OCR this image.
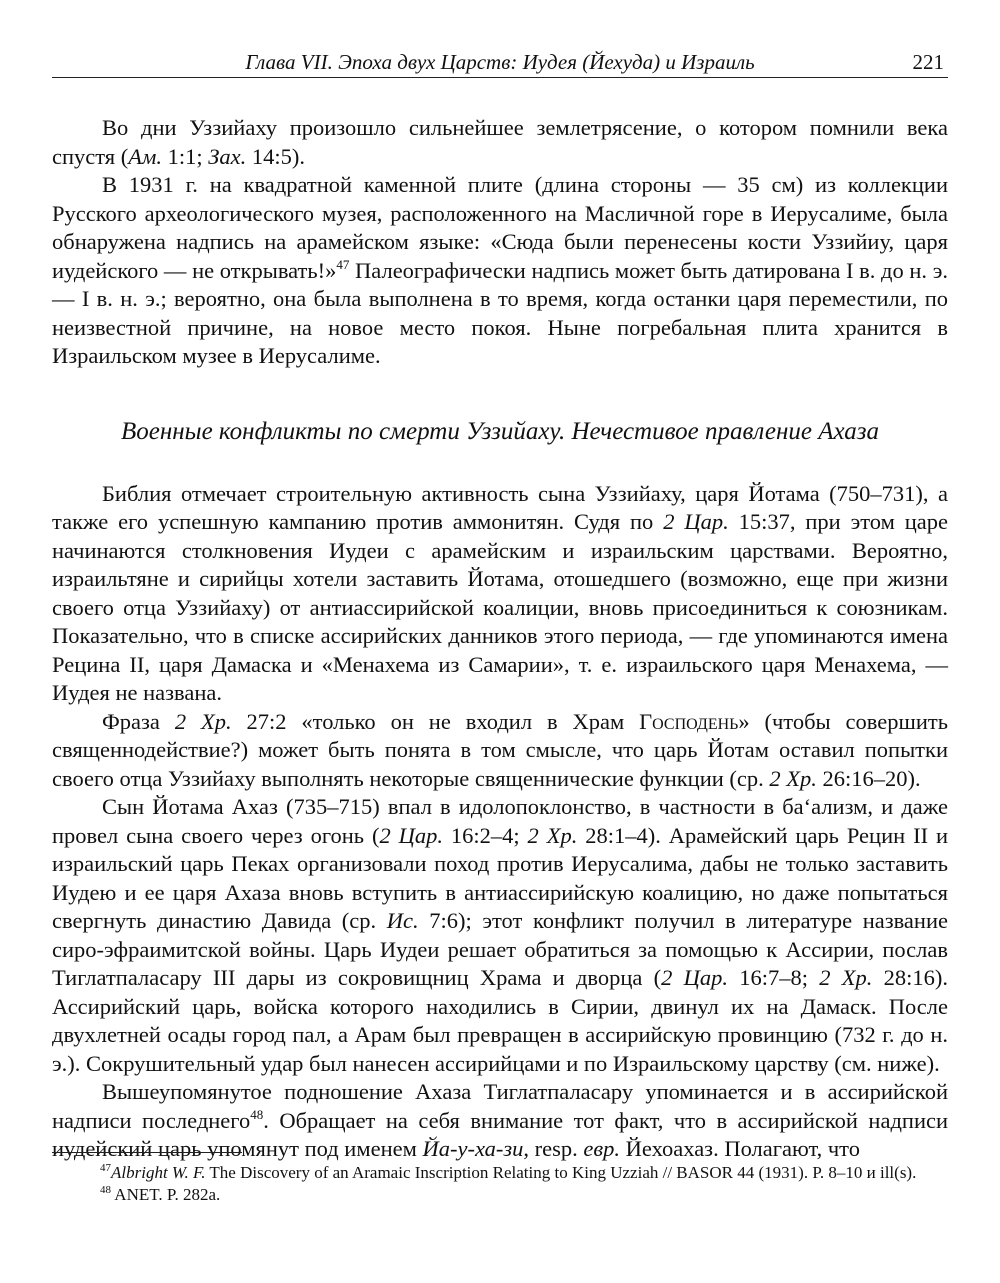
Глава VII. Эпоха двух Царств: Иудея (Йехуда) и Израиль	221

Во дни Уззийаху произошло сильнейшее землетрясение, о котором помнили века спустя (Ам. 1:1; Зах. 14:5).

В 1931 г. на квадратной каменной плите (длина стороны — 35 см) из коллекции Русского археологического музея, расположенного на Масличной горе в Иерусалиме, была обнаружена надпись на арамейском языке: «Сюда были перенесены кости Уззийиу, царя иудейского — не открывать!»$^{47}$ Палеографически надпись может быть датирована I в. до н. э. — I в. н. э.; вероятно, она была выполнена в то время, когда останки царя переместили, по неизвестной причине, на новое место покоя. Ныне погребальная плита хранится в Израильском музее в Иерусалиме.

Военные конфликты по смерти Уззийаху. Нечестивое правление Ахаза

Библия отмечает строительную активность сына Уззийаху, царя Йотама (750–731), а также его успешную кампанию против аммонитян. Судя по 2 Цар. 15:37, при этом царе начинаются столкновения Иудеи с арамейским и израильским царствами. Вероятно, израильтяне и сирийцы хотели заставить Йотама, отошедшего (возможно, еще при жизни своего отца Уззийаху) от антиассирийской коалиции, вновь присоединиться к союзникам. Показательно, что в списке ассирийских данников этого периода, — где упоминаются имена Рецина II, царя Дамаска и «Менахема из Самарии», т. е. израильского царя Менахема, — Иудея не названа.

Фраза 2 Хр. 27:2 «только он не входил в Храм Господень» (чтобы совершить священнодействие?) может быть понята в том смысле, что царь Йотам оставил попытки своего отца Уззийаху выполнять некоторые священнические функции (ср. 2 Хр. 26:16–20).

Сын Йотама Ахаз (735–715) впал в идолопоклонство, в частности в ба‘ализм, и даже провел сына своего через огонь (2 Цар. 16:2–4; 2 Хр. 28:1–4). Арамейский царь Рецин II и израильский царь Пеках организовали поход против Иерусалима, дабы не только заставить Иудею и ее царя Ахаза вновь вступить в антиассирийскую коалицию, но даже попытаться свергнуть династию Давида (ср. Ис. 7:6); этот конфликт получил в литературе название сиро-эфраимитской войны. Царь Иудеи решает обратиться за помощью к Ассирии, послав Тиглатпаласару III дары из сокровищниц Храма и дворца (2 Цар. 16:7–8; 2 Хр. 28:16). Ассирийский царь, войска которого находились в Сирии, двинул их на Дамаск. После двухлетней осады город пал, а Арам был превращен в ассирийскую провинцию (732 г. до н. э.). Сокрушительный удар был нанесен ассирийцами и по Израильскому царству (см. ниже).

Вышеупомянутое подношение Ахаза Тиглатпаласару упоминается и в ассирийской надписи последнего$^{48}$. Обращает на себя внимание тот факт, что в ассирийской надписи иудейский царь упомянут под именем Йа-у-ха-зи, resp. евр. Йехоахаз. Полагают, что

$^{47}$Albright W. F. The Discovery of an Aramaic Inscription Relating to King Uzziah // BASOR 44 (1931). P. 8–10 и ill(s).

$^{48}$ ANET. P. 282a.
